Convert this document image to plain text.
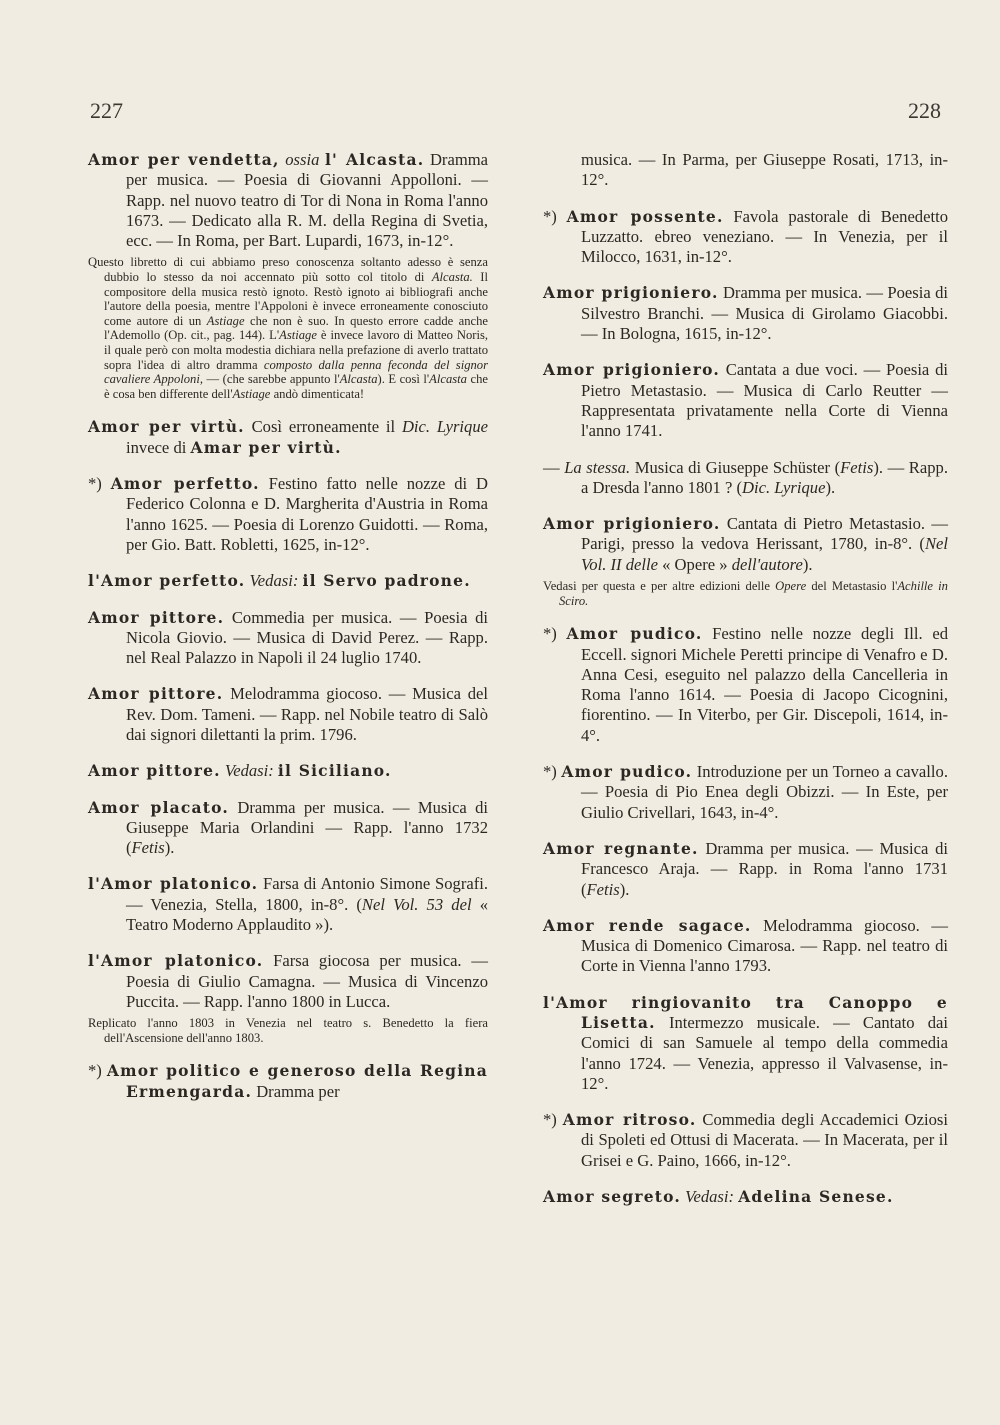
227	228

Amor per vendetta, ossia l' Alcasta. Dramma per musica. — Poesia di Giovanni Appolloni. — Rapp. nel nuovo teatro di Tor di Nona in Roma l'anno 1673. — Dedicato alla R. M. della Regina di Svetia, ecc. — In Roma, per Bart. Lupardi, 1673, in-12°.

Questo libretto di cui abbiamo preso conoscenza soltanto adesso è senza dubbio lo stesso da noi accennato più sotto col titolo di Alcasta. Il compositore della musica restò ignoto. Restò ignoto ai bibliografi anche l'autore della poesia, mentre l'Appoloni è invece erroneamente conosciuto come autore di un Astiage che non è suo. In questo errore cadde anche l'Ademollo (Op. cit., pag. 144). L'Astiage è invece lavoro di Matteo Noris, il quale però con molta modestia dichiara nella prefazione di averlo trattato sopra l'idea di altro dramma composto dalla penna feconda del signor cavaliere Appoloni, — (che sarebbe appunto l'Alcasta). E così l'Alcasta che è cosa ben differente dell'Astiage andò dimenticata!

Amor per virtù. Così erroneamente il Dic. Lyrique invece di Amar per virtù.

*) Amor perfetto. Festino fatto nelle nozze di D Federico Colonna e D. Margherita d'Austria in Roma l'anno 1625. — Poesia di Lorenzo Guidotti. — Roma, per Gio. Batt. Robletti, 1625, in-12°.

l'Amor perfetto. Vedasi: il Servo padrone.

Amor pittore. Commedia per musica. — Poesia di Nicola Giovio. — Musica di David Perez. — Rapp. nel Real Palazzo in Napoli il 24 luglio 1740.

Amor pittore. Melodramma giocoso. — Musica del Rev. Dom. Tameni. — Rapp. nel Nobile teatro di Salò dai signori dilettanti la prim. 1796.

Amor pittore. Vedasi: il Siciliano.

Amor placato. Dramma per musica. — Musica di Giuseppe Maria Orlandini — Rapp. l'anno 1732 (Fetis).

l'Amor platonico. Farsa di Antonio Simone Sografi. — Venezia, Stella, 1800, in-8°. (Nel Vol. 53 del « Teatro Moderno Applaudito »).

l'Amor platonico. Farsa giocosa per musica. — Poesia di Giulio Camagna. — Musica di Vincenzo Puccita. — Rapp. l'anno 1800 in Lucca.

Replicato l'anno 1803 in Venezia nel teatro s. Benedetto la fiera dell'Ascensione dell'anno 1803.

*) Amor politico e generoso della Regina Ermengarda. Dramma per

musica. — In Parma, per Giuseppe Rosati, 1713, in-12°.

*) Amor possente. Favola pastorale di Benedetto Luzzatto. ebreo veneziano. — In Venezia, per il Milocco, 1631, in-12°.

Amor prigioniero. Dramma per musica. — Poesia di Silvestro Branchi. — Musica di Girolamo Giacobbi. — In Bologna, 1615, in-12°.

Amor prigioniero. Cantata a due voci. — Poesia di Pietro Metastasio. — Musica di Carlo Reutter — Rappresentata privatamente nella Corte di Vienna l'anno 1741.

— La stessa. Musica di Giuseppe Schüster (Fetis). — Rapp. a Dresda l'anno 1801 ? (Dic. Lyrique).

Amor prigioniero. Cantata di Pietro Metastasio. — Parigi, presso la vedova Herissant, 1780, in-8°. (Nel Vol. II delle « Opere » dell'autore).

Vedasi per questa e per altre edizioni delle Opere del Metastasio l'Achille in Sciro.

*) Amor pudico. Festino nelle nozze degli Ill. ed Eccell. signori Michele Peretti principe di Venafro e D. Anna Cesi, eseguito nel palazzo della Cancelleria in Roma l'anno 1614. — Poesia di Jacopo Cicognini, fiorentino. — In Viterbo, per Gir. Discepoli, 1614, in-4°.

*) Amor pudico. Introduzione per un Torneo a cavallo. — Poesia di Pio Enea degli Obizzi. — In Este, per Giulio Crivellari, 1643, in-4°.

Amor regnante. Dramma per musica. — Musica di Francesco Araja. — Rapp. in Roma l'anno 1731 (Fetis).

Amor rende sagace. Melodramma giocoso. — Musica di Domenico Cimarosa. — Rapp. nel teatro di Corte in Vienna l'anno 1793.

l'Amor ringiovanito tra Canoppo e Lisetta. Intermezzo musicale. — Cantato dai Comici di san Samuele al tempo della commedia l'anno 1724. — Venezia, appresso il Valvasense, in-12°.

*) Amor ritroso. Commedia degli Accademici Oziosi di Spoleti ed Ottusi di Macerata. — In Macerata, per il Grisei e G. Paino, 1666, in-12°.

Amor segreto. Vedasi: Adelina Senese.
